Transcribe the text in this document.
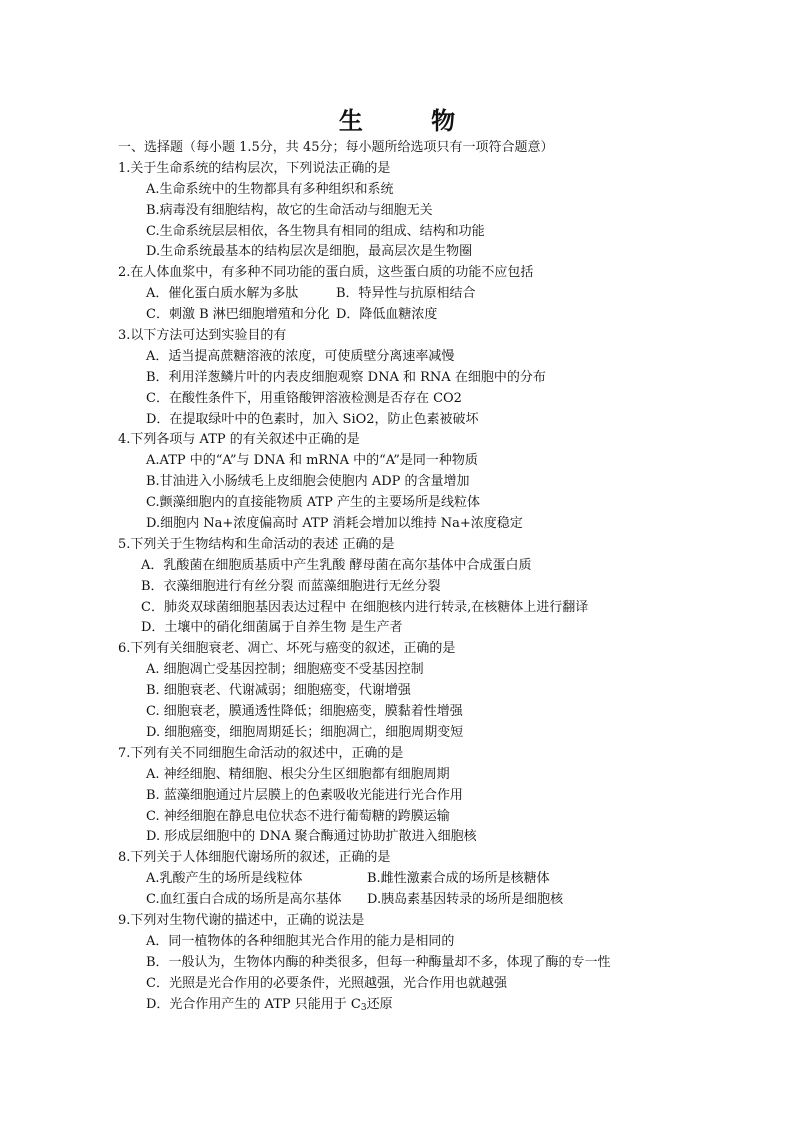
生 物
一、选择题（每小题 1.5分，共 45分；每小题所给选项只有一项符合题意）
1.关于生命系统的结构层次，下列说法正确的是
A.生命系统中的生物都具有多种组织和系统
B.病毒没有细胞结构，故它的生命活动与细胞无关
C.生命系统层层相依，各生物具有相同的组成、结构和功能
D.生命系统最基本的结构层次是细胞，最高层次是生物圈
2.在人体血浆中，有多种不同功能的蛋白质，这些蛋白质的功能不应包括
A．催化蛋白质水解为多肽	B．特异性与抗原相结合
C．刺激 B 淋巴细胞增殖和分化 D．降低血糖浓度
3.以下方法可达到实验目的有
A．适当提高蔗糖溶液的浓度，可使质壁分离速率减慢
B．利用洋葱鳞片叶的内表皮细胞观察 DNA 和 RNA 在细胞中的分布
C．在酸性条件下，用重铬酸钾溶液检测是否存在 CO2
D．在提取绿叶中的色素时，加入 SiO2，防止色素被破坏
4.下列各项与 ATP 的有关叙述中正确的是
A.ATP 中的“A”与 DNA 和 mRNA 中的“A”是同一种物质
B.甘油进入小肠绒毛上皮细胞会使胞内 ADP 的含量增加
C.颤藻细胞内的直接能物质 ATP 产生的主要场所是线粒体
D.细胞内 Na+浓度偏高时 ATP 消耗会增加以维持 Na+浓度稳定
5.下列关于生物结构和生命活动的表述 正确的是
A．乳酸菌在细胞质基质中产生乳酸 酵母菌在高尔基体中合成蛋白质
B．衣藻细胞进行有丝分裂 而蓝藻细胞进行无丝分裂
C．肺炎双球菌细胞基因表达过程中 在细胞核内进行转录,在核糖体上进行翻译
D．土壤中的硝化细菌属于自养生物 是生产者
6.下列有关细胞衰老、凋亡、坏死与癌变的叙述，正确的是
A. 细胞凋亡受基因控制；细胞癌变不受基因控制
B. 细胞衰老、代谢减弱；细胞癌变，代谢增强
C. 细胞衰老，膜通透性降低；细胞癌变，膜黏着性增强
D. 细胞癌变，细胞周期延长；细胞凋亡，细胞周期变短
7.下列有关不同细胞生命活动的叙述中，正确的是
A. 神经细胞、精细胞、根尖分生区细胞都有细胞周期
B. 蓝藻细胞通过片层膜上的色素吸收光能进行光合作用
C. 神经细胞在静息电位状态不进行葡萄糖的跨膜运输
D. 形成层细胞中的 DNA 聚合酶通过协助扩散进入细胞核
8.下列关于人体细胞代谢场所的叙述，正确的是
A.乳酸产生的场所是线粒体	B.雌性激素合成的场所是核糖体
C.血红蛋白合成的场所是高尔基体	D.胰岛素基因转录的场所是细胞核
9.下列对生物代谢的描述中，正确的说法是
A．同一植物体的各种细胞其光合作用的能力是相同的
B．一般认为，生物体内酶的种类很多，但每一种酶量却不多，体现了酶的专一性
C．光照是光合作用的必要条件，光照越强，光合作用也就越强
D．光合作用产生的 ATP 只能用于 $C_3$还原
